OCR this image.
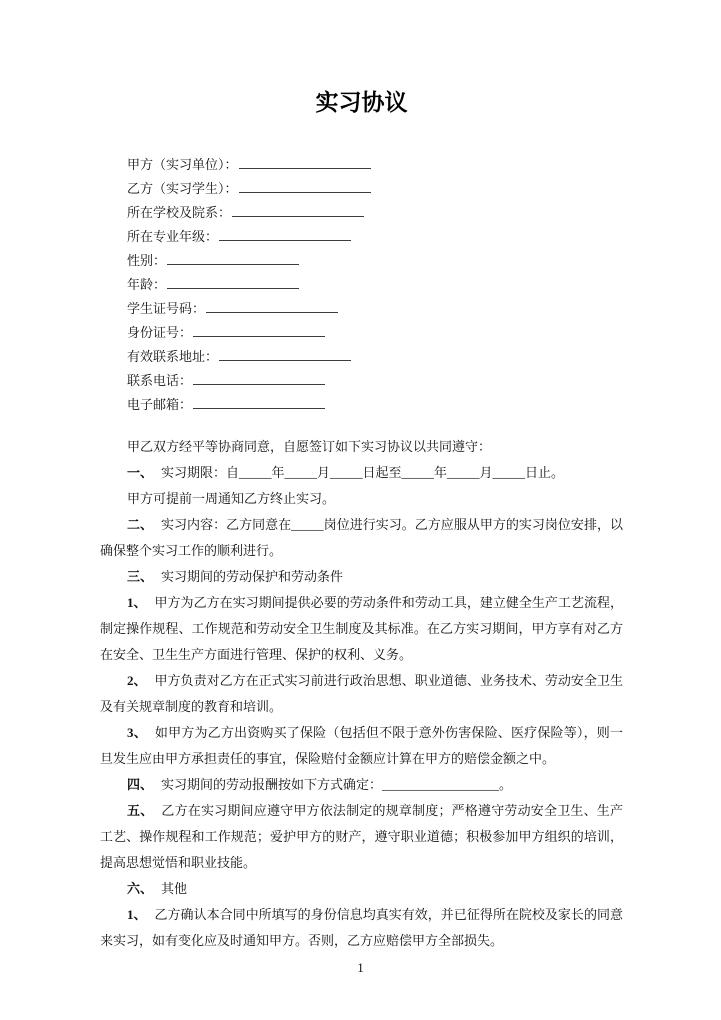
实习协议
甲方（实习单位）：
乙方（实习学生）：
所在学校及院系：
所在专业年级：
性别：
年龄：
学生证号码：
身份证号：
有效联系地址：
联系电话：
电子邮箱：

甲乙双方经平等协商同意，自愿签订如下实习协议以共同遵守：

一、 实习期限：自_____年_____月_____日起至_____年_____月_____日止。

甲方可提前一周通知乙方终止实习。

二、 实习内容：乙方同意在_____岗位进行实习。乙方应服从甲方的实习岗位安排，以确保整个实习工作的顺利进行。

三、 实习期间的劳动保护和劳动条件

1、 甲方为乙方在实习期间提供必要的劳动条件和劳动工具，建立健全生产工艺流程，制定操作规程、工作规范和劳动安全卫生制度及其标准。在乙方实习期间，甲方享有对乙方在安全、卫生生产方面进行管理、保护的权利、义务。

2、 甲方负责对乙方在正式实习前进行政治思想、职业道德、业务技术、劳动安全卫生及有关规章制度的教育和培训。

3、 如甲方为乙方出资购买了保险（包括但不限于意外伤害保险、医疗保险等），则一旦发生应由甲方承担责任的事宜，保险赔付金额应计算在甲方的赔偿金额之中。

四、 实习期间的劳动报酬按如下方式确定：__________________。

五、 乙方在实习期间应遵守甲方依法制定的规章制度；严格遵守劳动安全卫生、生产工艺、操作规程和工作规范；爱护甲方的财产，遵守职业道德；积极参加甲方组织的培训，提高思想觉悟和职业技能。

六、 其他

1、 乙方确认本合同中所填写的身份信息均真实有效，并已征得所在院校及家长的同意来实习，如有变化应及时通知甲方。否则，乙方应赔偿甲方全部损失。

1
